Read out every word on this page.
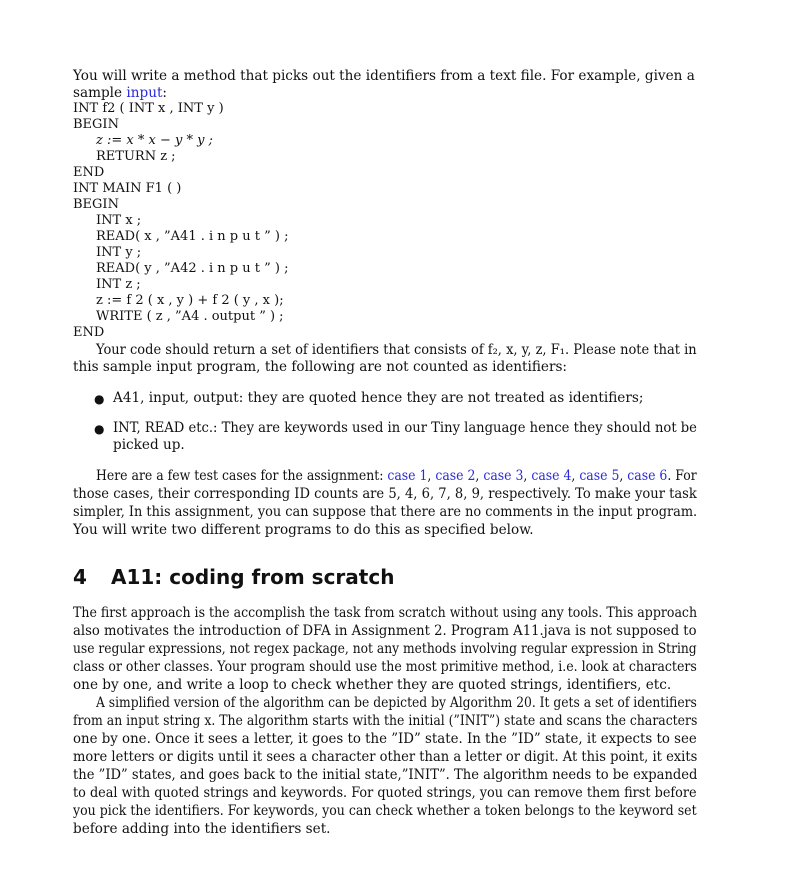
You will write a method that picks out the identifiers from a text file. For example, given a
sample input:
INT f2 ( INT x , INT y )
BEGIN
z := x * x − y * y ;
RETURN z ;
END
INT MAIN F1 ( )
BEGIN
INT x ;
READ( x , ”A41 . i n p u t ” ) ;
INT y ;
READ( y , ”A42 . i n p u t ” ) ;
INT z ;
z := f 2 ( x , y ) + f 2 ( y , x );
WRITE ( z , ”A4 . output ” ) ;
END
Your code should return a set of identifiers that consists of f₂, x, y, z, F₁. Please note that in
this sample input program, the following are not counted as identifiers:
● A41, input, output: they are quoted hence they are not treated as identifiers;
● INT, READ etc.: They are keywords used in our Tiny language hence they should not be
picked up.
Here are a few test cases for the assignment: case 1, case 2, case 3, case 4, case 5, case 6. For
those cases, their corresponding ID counts are 5, 4, 6, 7, 8, 9, respectively. To make your task
simpler, In this assignment, you can suppose that there are no comments in the input program.
You will write two different programs to do this as specified below.
4 A11: coding from scratch
The first approach is the accomplish the task from scratch without using any tools. This approach
also motivates the introduction of DFA in Assignment 2. Program A11.java is not supposed to
use regular expressions, not regex package, not any methods involving regular expression in String
class or other classes. Your program should use the most primitive method, i.e. look at characters
one by one, and write a loop to check whether they are quoted strings, identifiers, etc.
A simplified version of the algorithm can be depicted by Algorithm 20. It gets a set of identifiers
from an input string x. The algorithm starts with the initial (”INIT”) state and scans the characters
one by one. Once it sees a letter, it goes to the ”ID” state. In the ”ID” state, it expects to see
more letters or digits until it sees a character other than a letter or digit. At this point, it exits
the ”ID” states, and goes back to the initial state,”INIT”. The algorithm needs to be expanded
to deal with quoted strings and keywords. For quoted strings, you can remove them first before
you pick the identifiers. For keywords, you can check whether a token belongs to the keyword set
before adding into the identifiers set.
